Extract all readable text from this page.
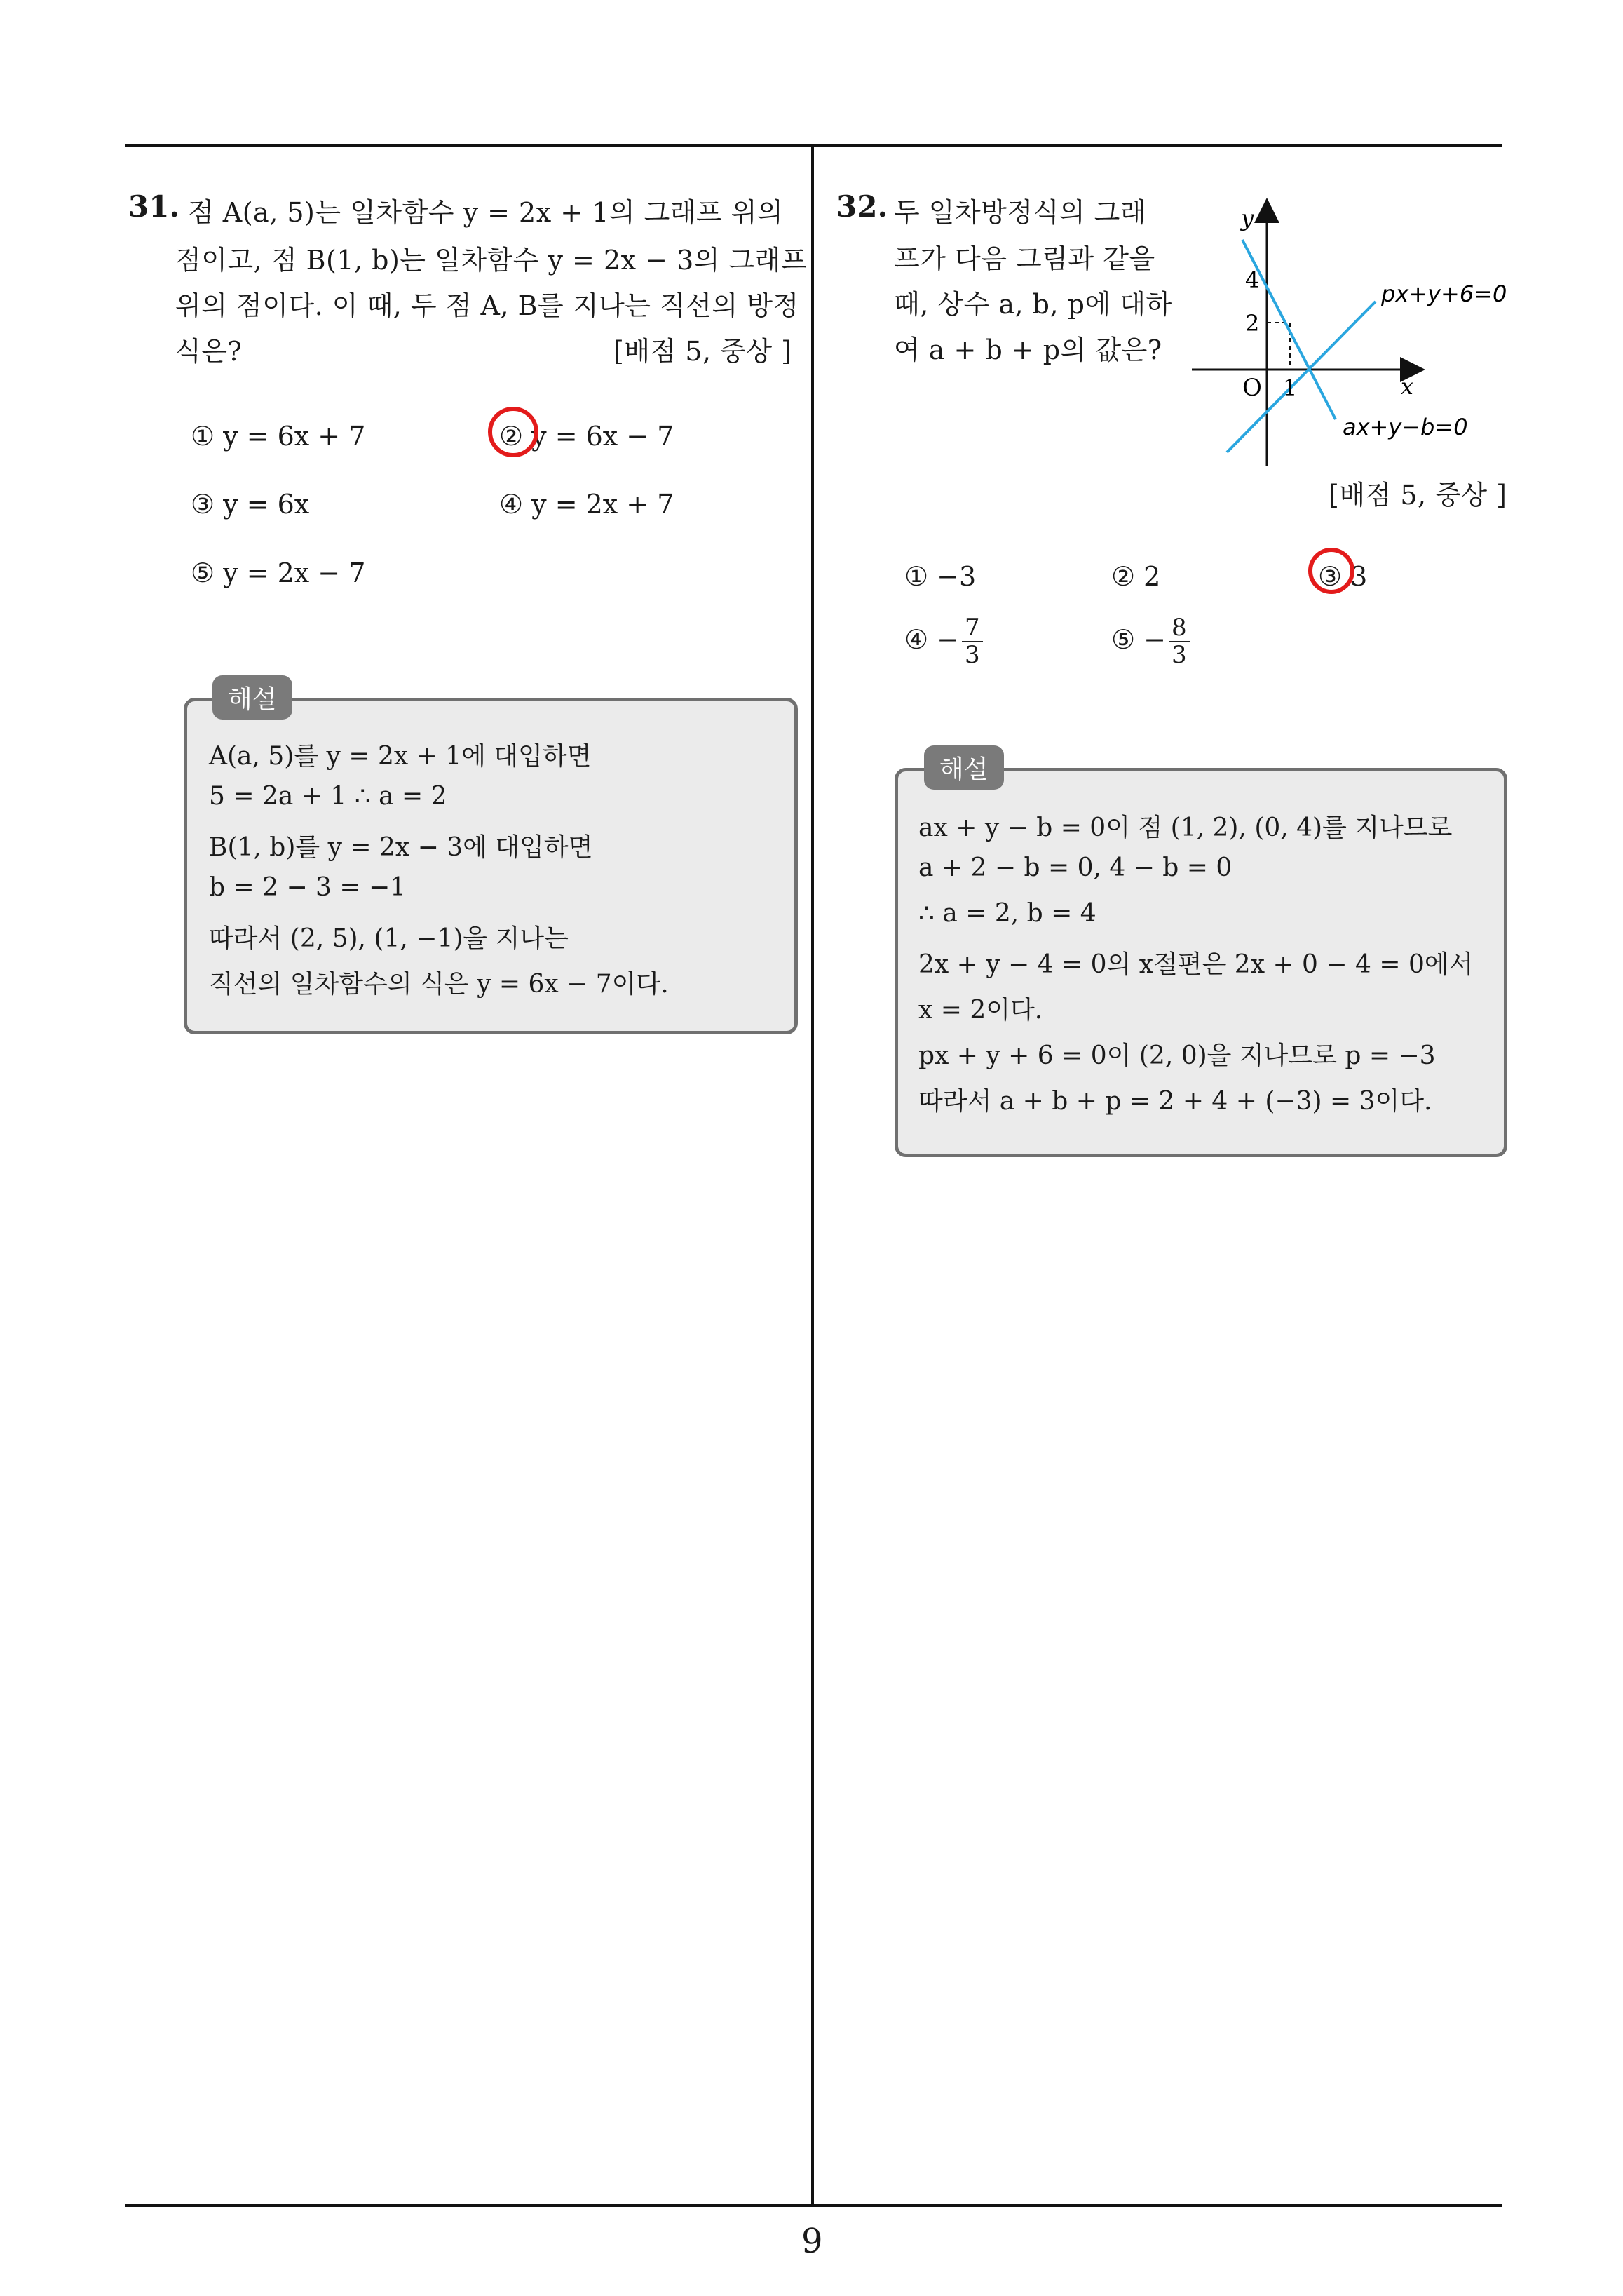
31. 점 A(a, 5)는 일차함수 y = 2x + 1의 그래프 위의
점이고, 점 B(1, b)는 일차함수 y = 2x − 3의 그래프
위의 점이다. 이 때, 두 점 A, B를 지나는 직선의 방정
식은?	[배점 5, 중상 ]
① y = 6x + 7	② y = 6x − 7
③ y = 6x	④ y = 2x + 7
⑤ y = 2x − 7
해설
A(a, 5)를 y = 2x + 1에 대입하면
5 = 2a + 1 ∴ a = 2
B(1, b)를 y = 2x − 3에 대입하면
b = 2 − 3 = −1
따라서 (2, 5), (1, −1)을 지나는
직선의 일차함수의 식은 y = 6x − 7이다.
32. 두 일차방정식의 그래
프가 다음 그림과 같을
때, 상수 a, b, p에 대하
여 a + b + p의 값은?
y
x
O
4
2
1
px+y+6=0
ax+y−b=0
[배점 5, 중상 ]
① −3	② 2	③ 3
④ − $\frac{7}{3}$	⑤ − $\frac{8}{3}$
해설
ax + y − b = 0이 점 (1, 2), (0, 4)를 지나므로
a + 2 − b = 0, 4 − b = 0
∴ a = 2, b = 4
2x + y − 4 = 0의 x절편은 2x + 0 − 4 = 0에서
x = 2이다.
px + y + 6 = 0이 (2, 0)을 지나므로 p = −3
따라서 a + b + p = 2 + 4 + (−3) = 3이다.
9
